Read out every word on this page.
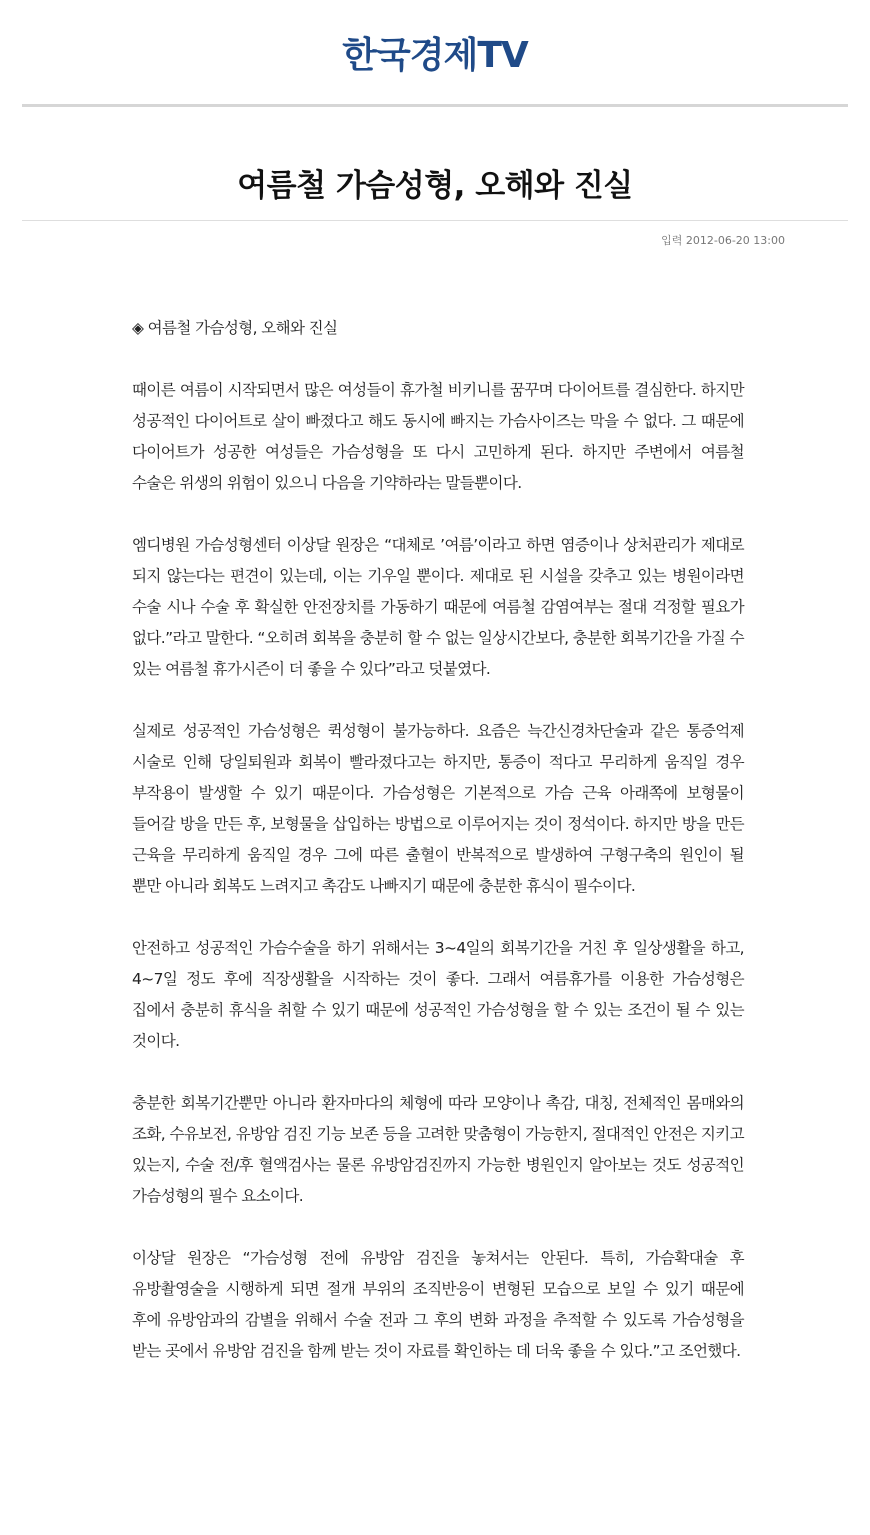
한국경제TV
여름철 가슴성형, 오해와 진실
입력 2012-06-20 13:00

◈ 여름철 가슴성형, 오해와 진실

때이른 여름이 시작되면서 많은 여성들이 휴가철 비키니를 꿈꾸며 다이어트를 결심한다. 하지만 성공적인 다이어트로 살이 빠졌다고 해도 동시에 빠지는 가슴사이즈는 막을 수 없다. 그 때문에 다이어트가 성공한 여성들은 가슴성형을 또 다시 고민하게 된다. 하지만 주변에서 여름철 수술은 위생의 위험이 있으니 다음을 기약하라는 말들뿐이다.

엠디병원 가슴성형센터 이상달 원장은 “대체로 ’여름’이라고 하면 염증이나 상처관리가 제대로 되지 않는다는 편견이 있는데, 이는 기우일 뿐이다. 제대로 된 시설을 갖추고 있는 병원이라면 수술 시나 수술 후 확실한 안전장치를 가동하기 때문에 여름철 감염여부는 절대 걱정할 필요가 없다.”라고 말한다. “오히려 회복을 충분히 할 수 없는 일상시간보다, 충분한 회복기간을 가질 수 있는 여름철 휴가시즌이 더 좋을 수 있다”라고 덧붙였다.

실제로 성공적인 가슴성형은 퀵성형이 불가능하다. 요즘은 늑간신경차단술과 같은 통증억제 시술로 인해 당일퇴원과 회복이 빨라졌다고는 하지만, 통증이 적다고 무리하게 움직일 경우 부작용이 발생할 수 있기 때문이다. 가슴성형은 기본적으로 가슴 근육 아래쪽에 보형물이 들어갈 방을 만든 후, 보형물을 삽입하는 방법으로 이루어지는 것이 정석이다. 하지만 방을 만든 근육을 무리하게 움직일 경우 그에 따른 출혈이 반복적으로 발생하여 구형구축의 원인이 될 뿐만 아니라 회복도 느려지고 촉감도 나빠지기 때문에 충분한 휴식이 필수이다.

안전하고 성공적인 가슴수술을 하기 위해서는 3~4일의 회복기간을 거친 후 일상생활을 하고, 4~7일 정도 후에 직장생활을 시작하는 것이 좋다. 그래서 여름휴가를 이용한 가슴성형은 집에서 충분히 휴식을 취할 수 있기 때문에 성공적인 가슴성형을 할 수 있는 조건이 될 수 있는 것이다.

충분한 회복기간뿐만 아니라 환자마다의 체형에 따라 모양이나 촉감, 대칭, 전체적인 몸매와의 조화, 수유보전, 유방암 검진 기능 보존 등을 고려한 맞춤형이 가능한지, 절대적인 안전은 지키고 있는지, 수술 전/후 혈액검사는 물론 유방암검진까지 가능한 병원인지 알아보는 것도 성공적인 가슴성형의 필수 요소이다.

이상달 원장은 “가슴성형 전에 유방암 검진을 놓쳐서는 안된다. 특히, 가슴확대술 후 유방촬영술을 시행하게 되면 절개 부위의 조직반응이 변형된 모습으로 보일 수 있기 때문에 후에 유방암과의 감별을 위해서 수술 전과 그 후의 변화 과정을 추적할 수 있도록 가슴성형을 받는 곳에서 유방암 검진을 함께 받는 것이 자료를 확인하는 데 더욱 좋을 수 있다.”고 조언했다.
